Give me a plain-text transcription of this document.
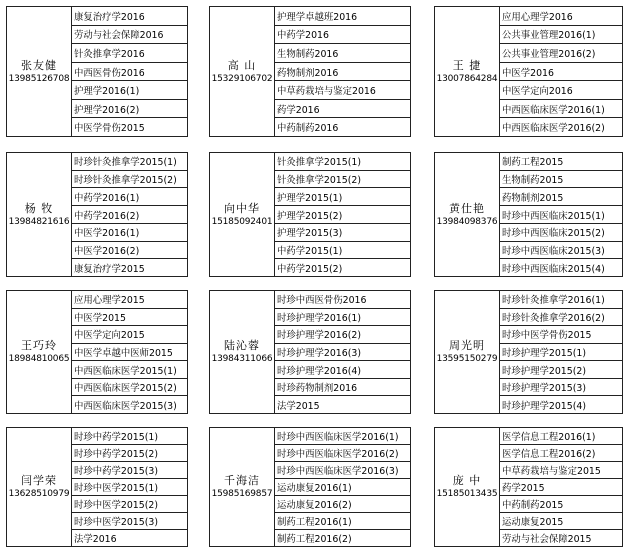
张友健
13985126708
康复治疗学2016
劳动与社会保障2016
针灸推拿学2016
中西医骨伤2016
护理学2016(1)
护理学2016(2)
中医学骨伤2015
高 山
15329106702
护理学卓越班2016
中药学2016
生物制药2016
药物制剂2016
中草药栽培与鉴定2016
药学2016
中药制药2016
王 捷
13007864284
应用心理学2016
公共事业管理2016(1)
公共事业管理2016(2)
中医学2016
中医学定向2016
中西医临床医学2016(1)
中西医临床医学2016(2)
杨 牧
13984821616
时珍针灸推拿学2015(1)
时珍针灸推拿学2015(2)
中药学2016(1)
中药学2016(2)
中医学2016(1)
中医学2016(2)
康复治疗学2015
向中华
15185092401
针灸推拿学2015(1)
针灸推拿学2015(2)
护理学2015(1)
护理学2015(2)
护理学2015(3)
中药学2015(1)
中药学2015(2)
黄仕艳
13984098376
制药工程2015
生物制药2015
药物制剂2015
时珍中西医临床2015(1)
时珍中西医临床2015(2)
时珍中西医临床2015(3)
时珍中西医临床2015(4)
王巧玲
18984810065
应用心理学2015
中医学2015
中医学定向2015
中医学卓越中医师2015
中西医临床医学2015(1)
中西医临床医学2015(2)
中西医临床医学2015(3)
陆沁蓉
13984311066
时珍中西医骨伤2016
时珍护理学2016(1)
时珍护理学2016(2)
时珍护理学2016(3)
时珍护理学2016(4)
时珍药物制剂2016
法学2015
周光明
13595150279
时珍针灸推拿学2016(1)
时珍针灸推拿学2016(2)
时珍中医学骨伤2015
时珍护理学2015(1)
时珍护理学2015(2)
时珍护理学2015(3)
时珍护理学2015(4)
闫学荣
13628510979
时珍中药学2015(1)
时珍中药学2015(2)
时珍中药学2015(3)
时珍中医学2015(1)
时珍中医学2015(2)
时珍中医学2015(3)
法学2016
千海洁
15985169857
时珍中西医临床医学2016(1)
时珍中西医临床医学2016(2)
时珍中西医临床医学2016(3)
运动康复2016(1)
运动康复2016(2)
制药工程2016(1)
制药工程2016(2)
庞 中
15185013435
医学信息工程2016(1)
医学信息工程2016(2)
中草药栽培与鉴定2015
药学2015
中药制药2015
运动康复2015
劳动与社会保障2015
